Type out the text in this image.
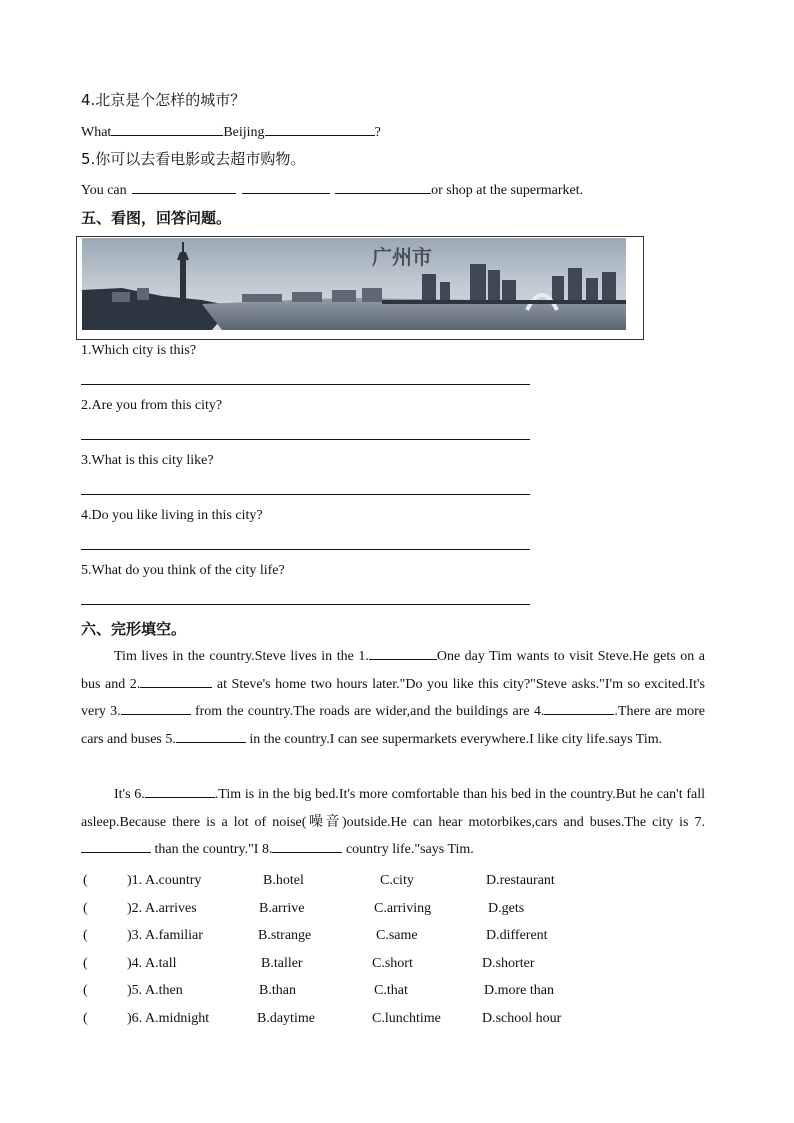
4.北京是个怎样的城市？
What	Beijing	?
5.你可以去看电影或去超市购物。
You can	or shop at the supermarket.
五、看图，回答问题。
广州市
1.Which city is this?
2.Are you from this city?
3.What is this city like?
4.Do you like living in this city?
5.What do you think of the city life?
六、完形填空。
Tim lives in the country.Steve lives in the 1.	One day Tim wants to visit Steve.He gets on a bus and 2.	at Steve's home two hours later."Do you like this city?"Steve asks."I'm so excited.It's very 3.	from the country.The roads are wider,and the buildings are 4.	.There are more cars and buses 5.	in the country.I can see supermarkets everywhere.I like city life.says Tim.
It's 6.	.Tim is in the big bed.It's more comfortable than his bed in the country.But he can't fall asleep.Because there is a lot of noise(噪音)outside.He can hear motorbikes,cars and buses.The city is 7. than the country."I 8.	country life."says Tim.
(	)1. A.country	B.hotel	C.city	D.restaurant
(	)2. A.arrives	B.arrive	C.arriving	D.gets
(	)3. A.familiar	B.strange	C.same	D.different
(	)4. A.tall	B.taller	C.short	D.shorter
(	)5. A.then	B.than	C.that	D.more than
(	)6. A.midnight	B.daytime	C.lunchtime	D.school hour
